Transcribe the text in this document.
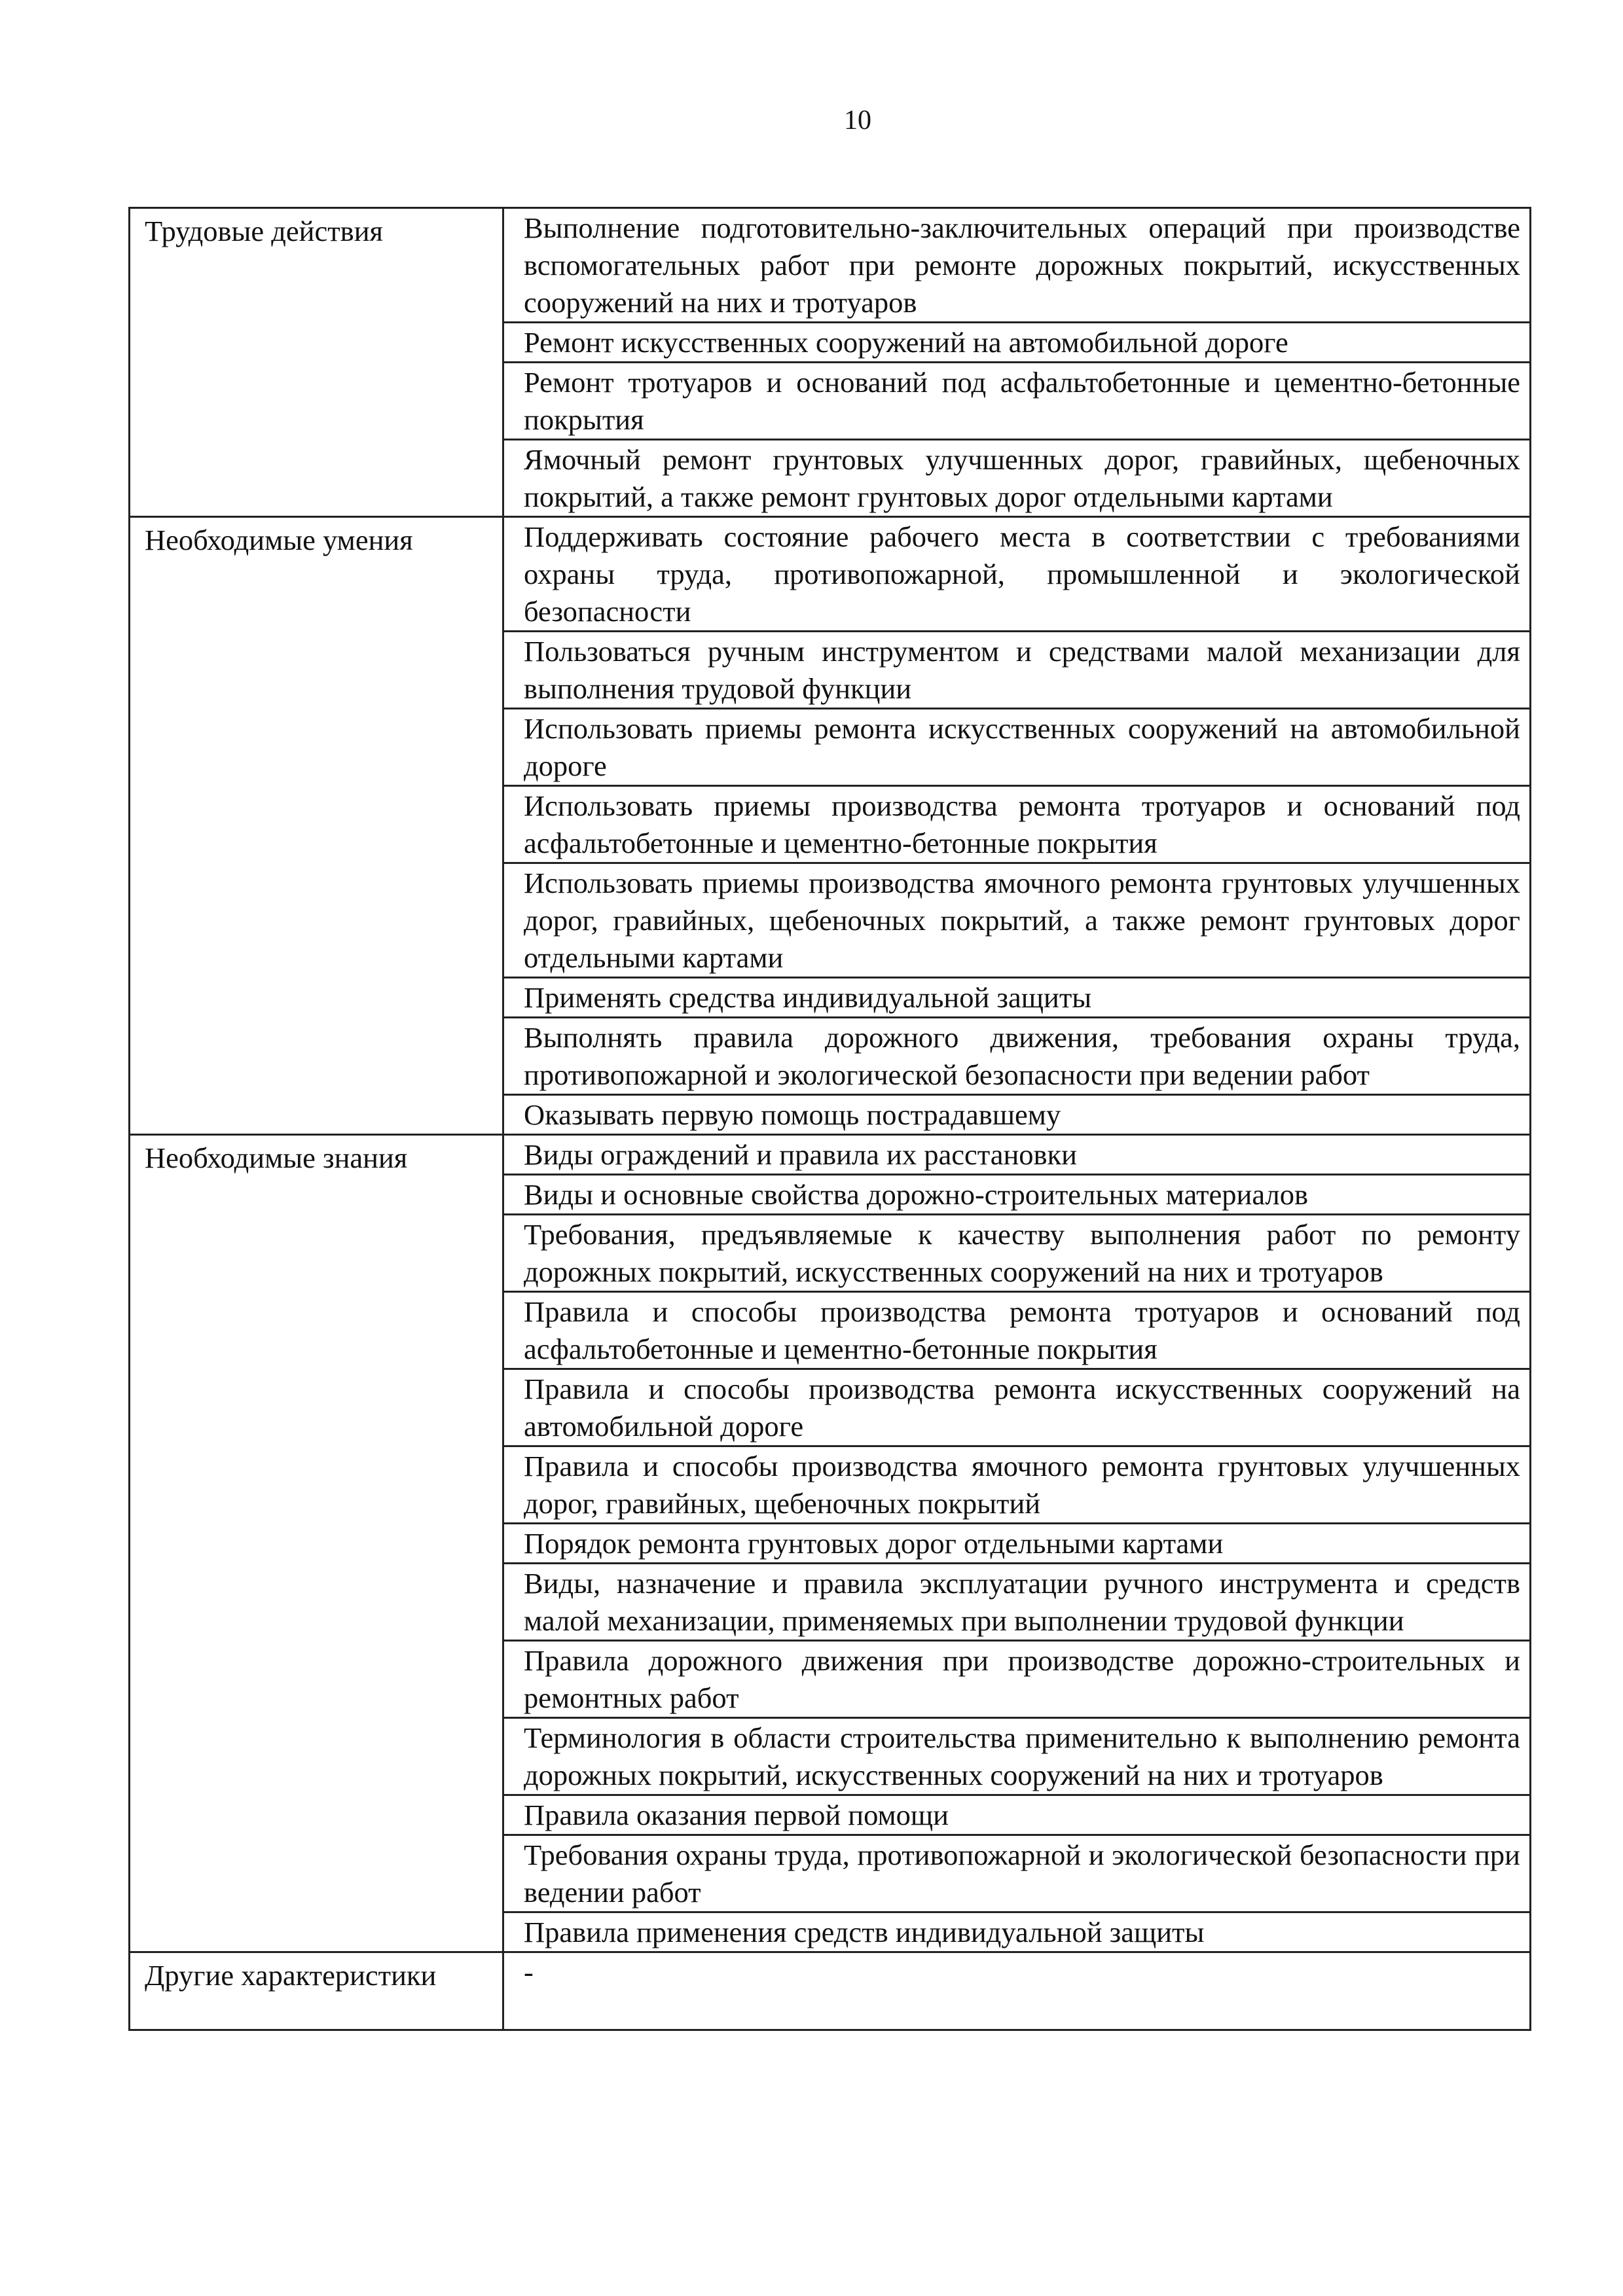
10
Трудовые действия	Выполнение подготовительно-заключительных операций при производстве вспомогательных работ при ремонте дорожных покрытий, искусственных сооружений на них и тротуаров
	Ремонт искусственных сооружений на автомобильной дороге
	Ремонт тротуаров и оснований под асфальтобетонные и цементно-бетонные покрытия
	Ямочный ремонт грунтовых улучшенных дорог, гравийных, щебеночных покрытий, а также ремонт грунтовых дорог отдельными картами
Необходимые умения	Поддерживать состояние рабочего места в соответствии с требованиями охраны труда, противопожарной, промышленной и экологической безопасности
	Пользоваться ручным инструментом и средствами малой механизации для выполнения трудовой функции
	Использовать приемы ремонта искусственных сооружений на автомобильной дороге
	Использовать приемы производства ремонта тротуаров и оснований под асфальтобетонные и цементно-бетонные покрытия
	Использовать приемы производства ямочного ремонта грунтовых улучшенных дорог, гравийных, щебеночных покрытий, а также ремонт грунтовых дорог отдельными картами
	Применять средства индивидуальной защиты
	Выполнять правила дорожного движения, требования охраны труда, противопожарной и экологической безопасности при ведении работ
	Оказывать первую помощь пострадавшему
Необходимые знания	Виды ограждений и правила их расстановки
	Виды и основные свойства дорожно-строительных материалов
	Требования, предъявляемые к качеству выполнения работ по ремонту дорожных покрытий, искусственных сооружений на них и тротуаров
	Правила и способы производства ремонта тротуаров и оснований под асфальтобетонные и цементно-бетонные покрытия
	Правила и способы производства ремонта искусственных сооружений на автомобильной дороге
	Правила и способы производства ямочного ремонта грунтовых улучшенных дорог, гравийных, щебеночных покрытий
	Порядок ремонта грунтовых дорог отдельными картами
	Виды, назначение и правила эксплуатации ручного инструмента и средств малой механизации, применяемых при выполнении трудовой функции
	Правила дорожного движения при производстве дорожно-строительных и ремонтных работ
	Терминология в области строительства применительно к выполнению ремонта дорожных покрытий, искусственных сооружений на них и тротуаров
	Правила оказания первой помощи
	Требования охраны труда, противопожарной и экологической безопасности при ведении работ
	Правила применения средств индивидуальной защиты
Другие характеристики	-
